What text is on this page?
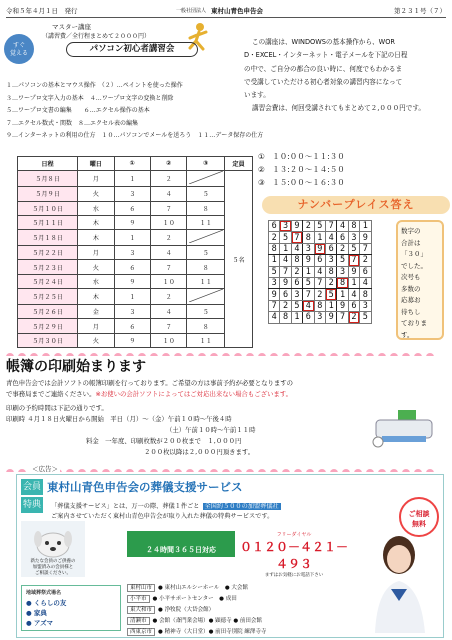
令和５年４月１日　発行	一般社団法人 東村山青色申告会	第２３１号（７）
すぐ
覚える
マスター講座
（講習費／全行程まとめて２０００円）
パソコン初心者講習会
この講座は、WINDOWSの基本操作から、WOR
D・EXCEL・インターネット・電子メールを下記の日程
の中で、ご自分の都合の良い時に、何度でもわかるま
で受講していただける初心者対象の講習内容になって
います。
講習会費は、何回受講されてもまとめて２,０００円です。
１…パソコンの基本とマウス操作　（２）…ペイントを使った操作
３…ワープロ文字入力の基本　４…ワープロ文字の変換と削除
５…ワープロ文書の編集　　６…エクセル操作の基本
７…エクセル数式・関数　８…エクセル表の編集
９…インターネットの利用の仕方　１０…パソコンでメールを送ろう　１１…データ保存の仕方
①　１０:００～１１:３０
②　１３:２０～１４:５０
③　１５:００～１６:３０
日程	曜日	①	②	③	定員
５月８日	月	１	２		５名
５月９日	火	３	４	５	
５月１０日	水	６	７	８	
５月１１日	木	９	１０	１１	
５月１８日	木	１	２	
５月２２日	月	３	４	５	
５月２３日	火	６	７	８	
５月２４日	水	９	１０	１１	
５月２５日	木	１	２	
５月２６日	金	３	４	５	
５月２９日	月	６	７	８	
５月３０日	火	９	１０	１１	
ナンバープレイス答え
6	3	9	2	5	7	4	8	1
2	5	7	8	1	4	6	3	9
8	1	4	3	9	6	2	5	7
1	4	8	9	6	3	5	7	2
5	7	2	1	4	8	3	9	6
3	9	6	5	7	2	8	1	4
9	6	3	7	2	5	1	4	8
7	2	5	4	8	1	9	6	3
4	8	1	6	3	9	7	2	5
数字の
合計は
「３０」
でした。
次号も
多数の
応募お
待ちし
ております。
帳簿の印刷始まります
青色申告会では会計ソフトの帳簿印刷を行っております。ご希望の方は事前予約が必要となりますの
で事務局までご連絡ください。※お使いの会計ソフトによってはご対応出来ない場合もございます。
印刷の予約時間は下記の通りです。
印刷時 ４月１８日火曜日から開始　平日（月）～（金）午前１０時～午後４時
（土）午前１０時～午前１１時
料金　一年度、印刷枚数が２００枚まで　１,０００円
２００枚以降は２,０００円頂きます。
＜広告＞
会員
特典
東村山青色申告会の葬儀支援サービス
「葬儀支援サービス」とは、万一の際、葬儀１件ごと 全国約５００の加盟葬儀社
ご案内させていただく東村山青色申告会が取り入れた葬儀の特典サービスです。
新たな会員のご供養の
加盟済みの会員様と
ご相談ください。
２４時間３６５日対応
フリーダイヤル
０１２０－４２１－４９３
まずはお気軽にお電話下さい
ご相談
無料
地域葬祭式場名
● くらしの友
● 家典
● アズマ
東村山市 ● 東村山エルシーホール　● 大会館
小平市 ● 小平サポートセンター　● 成田
東大和市 ● 浄牧院（大岱会館）
清瀬市 ● 会館（斎門業会場）● 顕徳寺 ● 前田会館
西東京市 ● 精神寺（大日堂）● 前田寺別院 練澤寺寺
